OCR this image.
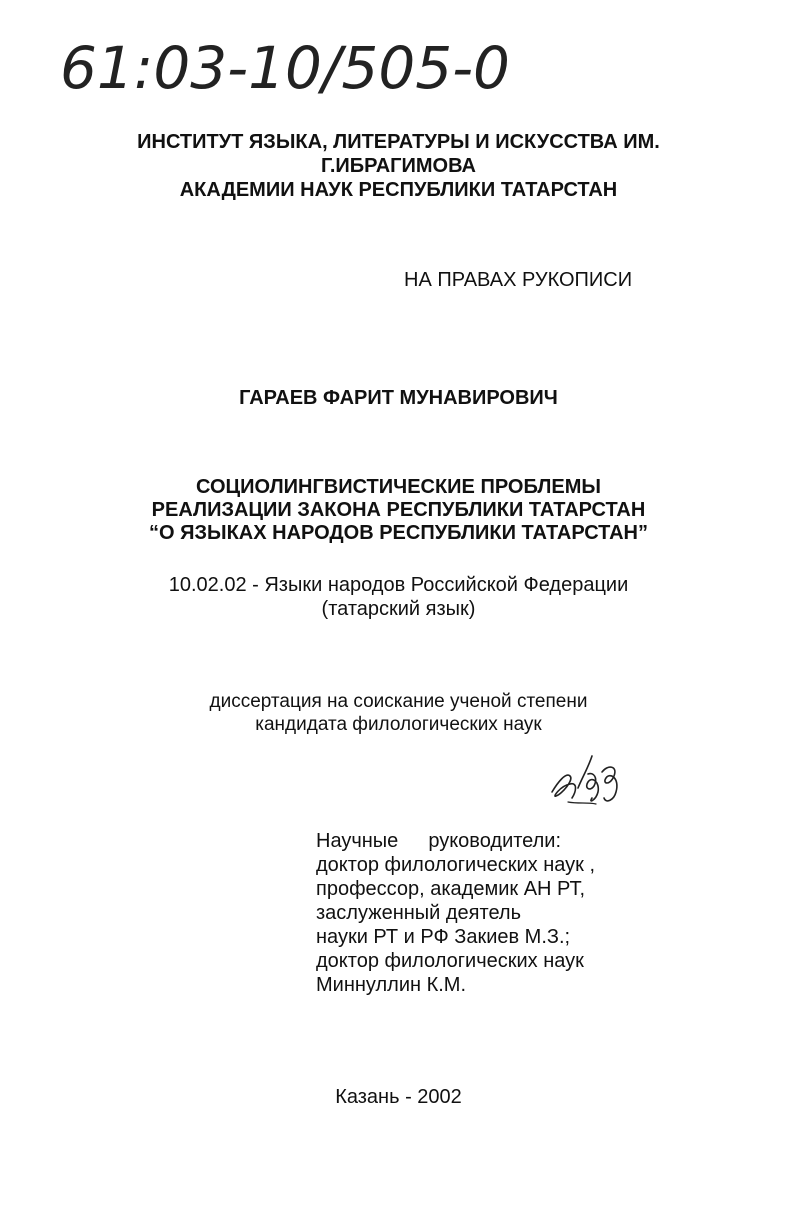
61:03-10/505-0
ИНСТИТУТ ЯЗЫКА, ЛИТЕРАТУРЫ И ИСКУССТВА ИМ.
Г.ИБРАГИМОВА
АКАДЕМИИ НАУК РЕСПУБЛИКИ ТАТАРСТАН
НА ПРАВАХ РУКОПИСИ
ГАРАЕВ ФАРИТ МУНАВИРОВИЧ
СОЦИОЛИНГВИСТИЧЕСКИЕ ПРОБЛЕМЫ
РЕАЛИЗАЦИИ ЗАКОНА РЕСПУБЛИКИ ТАТАРСТАН
“О ЯЗЫКАХ НАРОДОВ РЕСПУБЛИКИ ТАТАРСТАН”
10.02.02 - Языки народов Российской Федерации
(татарский язык)
диссертация на соискание ученой степени
кандидата филологических наук
Научные руководители:
доктор филологических наук ,
профессор, академик АН РТ,
заслуженный деятель
науки РТ и РФ Закиев М.З.;
доктор филологических наук
Миннуллин К.М.
Казань - 2002
